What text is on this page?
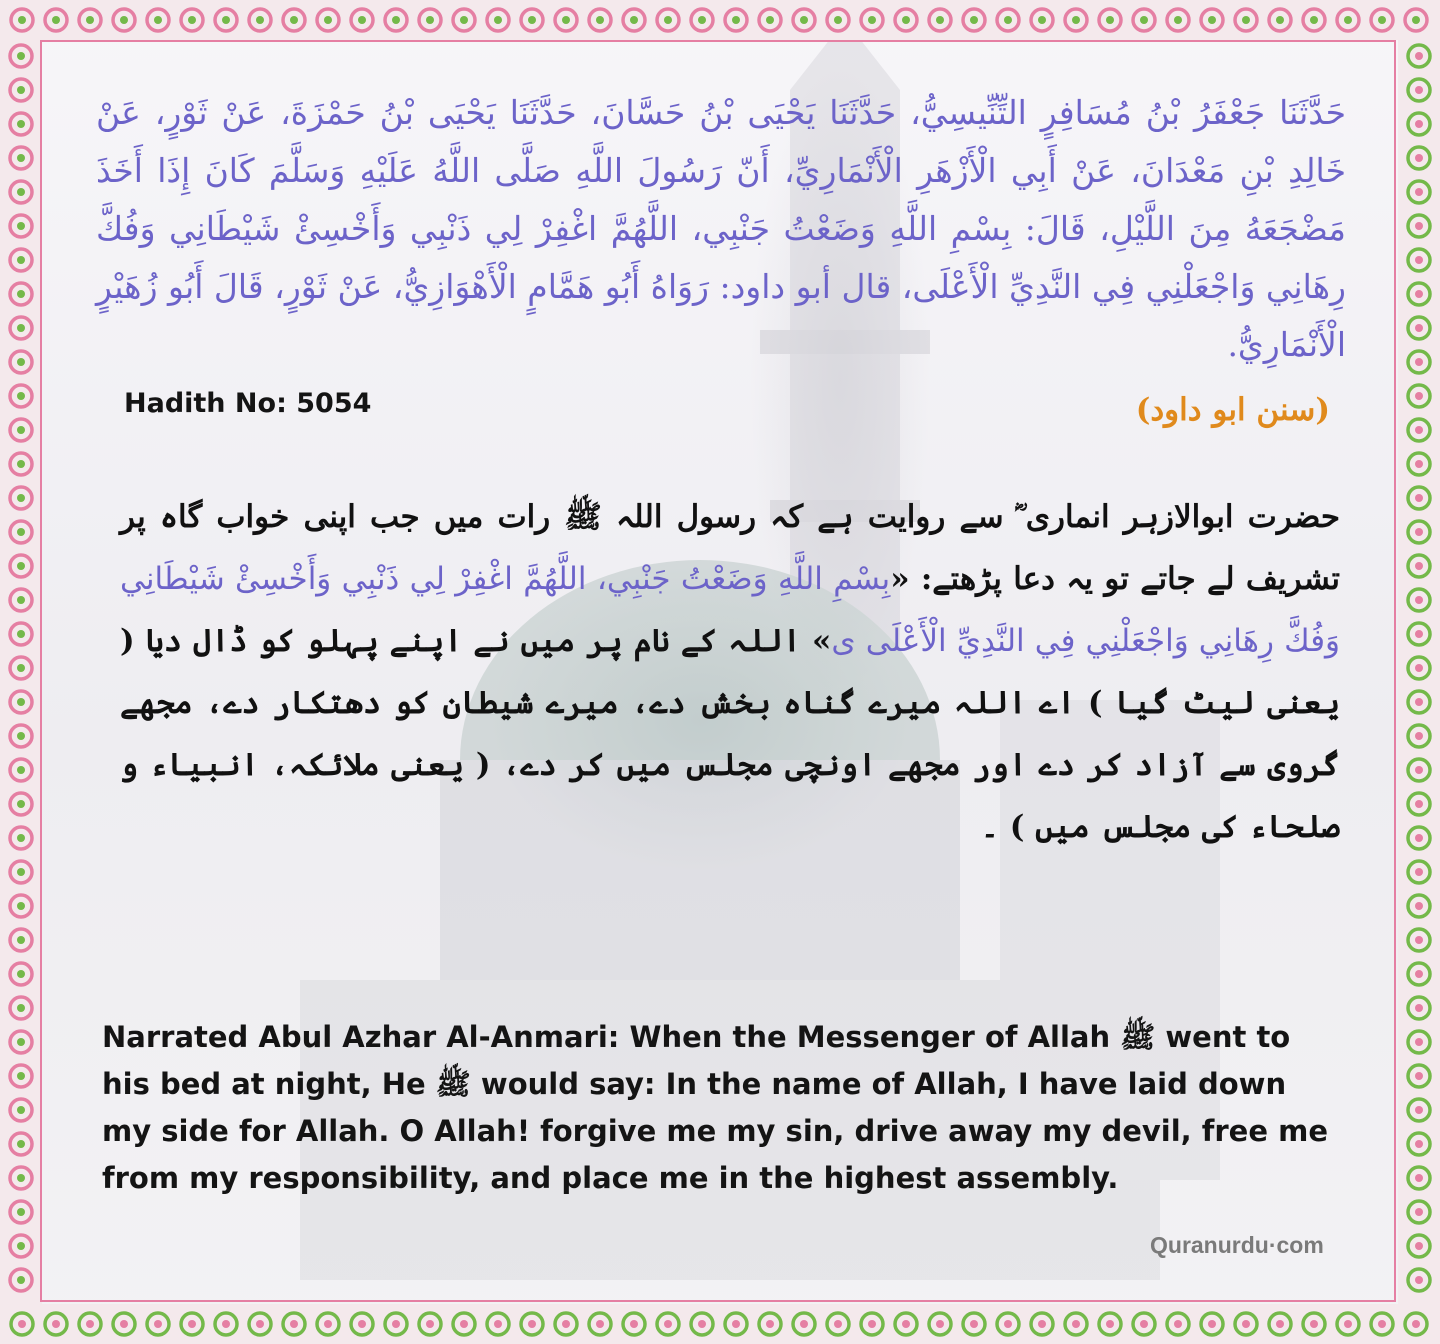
حَدَّثَنَا جَعْفَرُ بْنُ مُسَافِرٍ التِّنِّيسِيُّ، حَدَّثَنَا يَحْيَى بْنُ حَسَّانَ، حَدَّثَنَا يَحْيَى بْنُ حَمْزَةَ، عَنْ ثَوْرٍ، عَنْ خَالِدِ بْنِ مَعْدَانَ، عَنْ أَبِي الْأَزْهَرِ الْأَنْمَارِيِّ، أَنّ رَسُولَ اللَّهِ صَلَّى اللَّهُ عَلَيْهِ وَسَلَّمَ كَانَ إِذَا أَخَذَ مَضْجَعَهُ مِنَ اللَّيْلِ، قَالَ: بِسْمِ اللَّهِ وَضَعْتُ جَنْبِي، اللَّهُمَّ اغْفِرْ لِي ذَنْبِي وَأَخْسِئْ شَيْطَانِي وَفُكَّ رِهَانِي وَاجْعَلْنِي فِي النَّدِيِّ الْأَعْلَى، قال أبو داود: رَوَاهُ أَبُو هَمَّامٍ الْأَهْوَازِيُّ، عَنْ ثَوْرٍ، قَالَ أَبُو زُهَيْرٍ الْأَنْمَارِيُّ.
Hadith No: 5054	(سنن ابو داود)
حضرت ابوالازہر انماری ؓ سے روایت ہے کہ رسول اللہ ﷺ رات میں جب اپنی خواب گاہ پر تشریف لے جاتے تو یہ دعا پڑھتے: «بِسْمِ اللَّهِ وَضَعْتُ جَنْبِي، اللَّهُمَّ اغْفِرْ لِي ذَنْبِي وَأَخْسِئْ شَيْطَانِي وَفُكَّ رِهَانِي وَاجْعَلْنِي فِي النَّدِيِّ الْأَعْلَى ى» اللہ کے نام پر میں نے اپنے پہلو کو ڈال دیا ( یعنی لیٹ گیا ) اے اللہ میرے گناہ بخش دے، میرے شیطان کو دھتکار دے، مجھے گروی سے آزاد کر دے اور مجھے اونچی مجلس میں کر دے، ( یعنی ملائکہ، انبیاء و صلحاء کی مجلس میں ) ۔
Narrated Abul Azhar Al-Anmari: When the Messenger of Allah ﷺ went to his bed at night, He ﷺ would say: In the name of Allah, I have laid down my side for Allah. O Allah! forgive me my sin, drive away my devil, free me from my responsibility, and place me in the highest assembly.
Quranurdu·com
